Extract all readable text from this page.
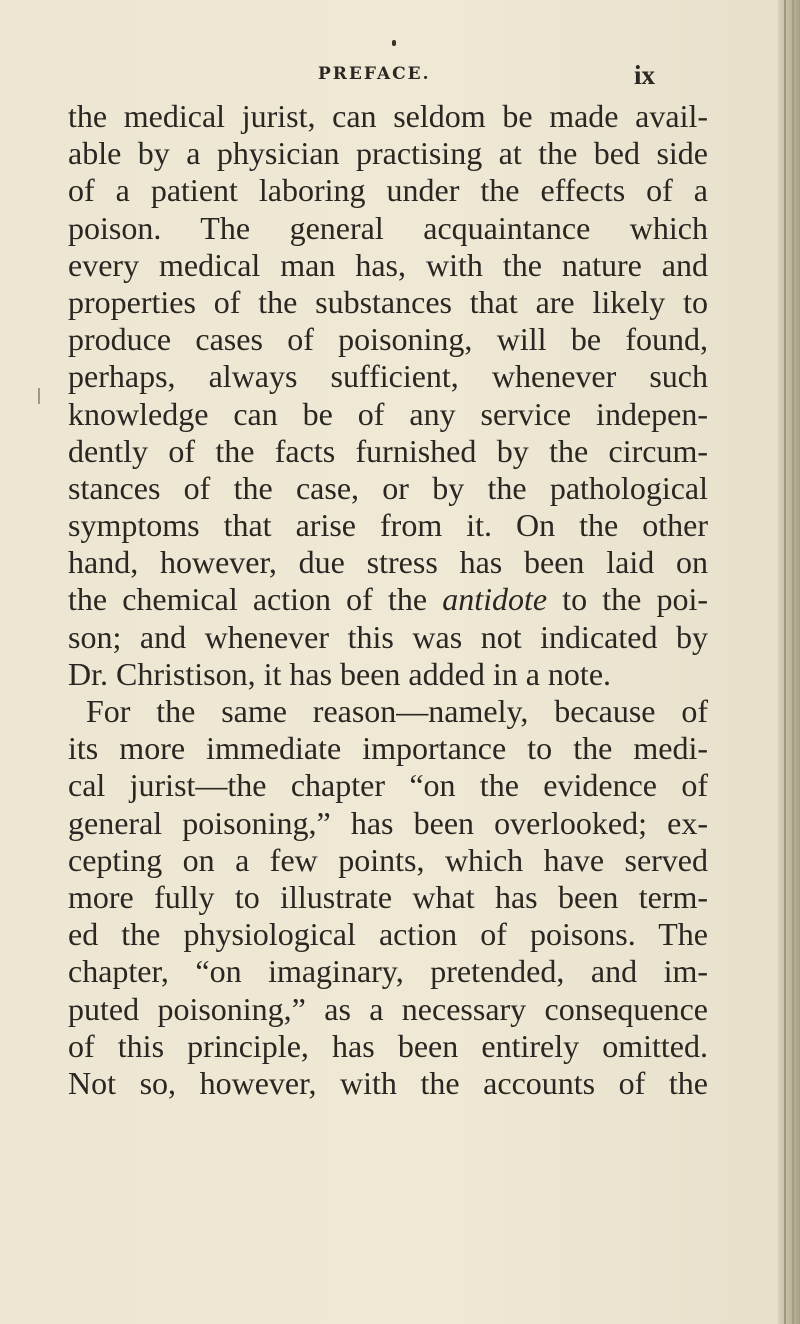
PREFACE.	ix
the medical jurist, can seldom be made avail-
able by a physician practising at the bed side
of a patient laboring under the effects of a
poison. The general acquaintance which
every medical man has, with the nature and
properties of the substances that are likely to
produce cases of poisoning, will be found,
perhaps, always sufficient, whenever such
knowledge can be of any service indepen-
dently of the facts furnished by the circum-
stances of the case, or by the pathological
symptoms that arise from it. On the other
hand, however, due stress has been laid on
the chemical action of the antidote to the poi-
son; and whenever this was not indicated by
Dr. Christison, it has been added in a note.
For the same reason—namely, because of
its more immediate importance to the medi-
cal jurist—the chapter “on the evidence of
general poisoning,” has been overlooked; ex-
cepting on a few points, which have served
more fully to illustrate what has been term-
ed the physiological action of poisons. The
chapter, “on imaginary, pretended, and im-
puted poisoning,” as a necessary consequence
of this principle, has been entirely omitted.
Not so, however, with the accounts of the
